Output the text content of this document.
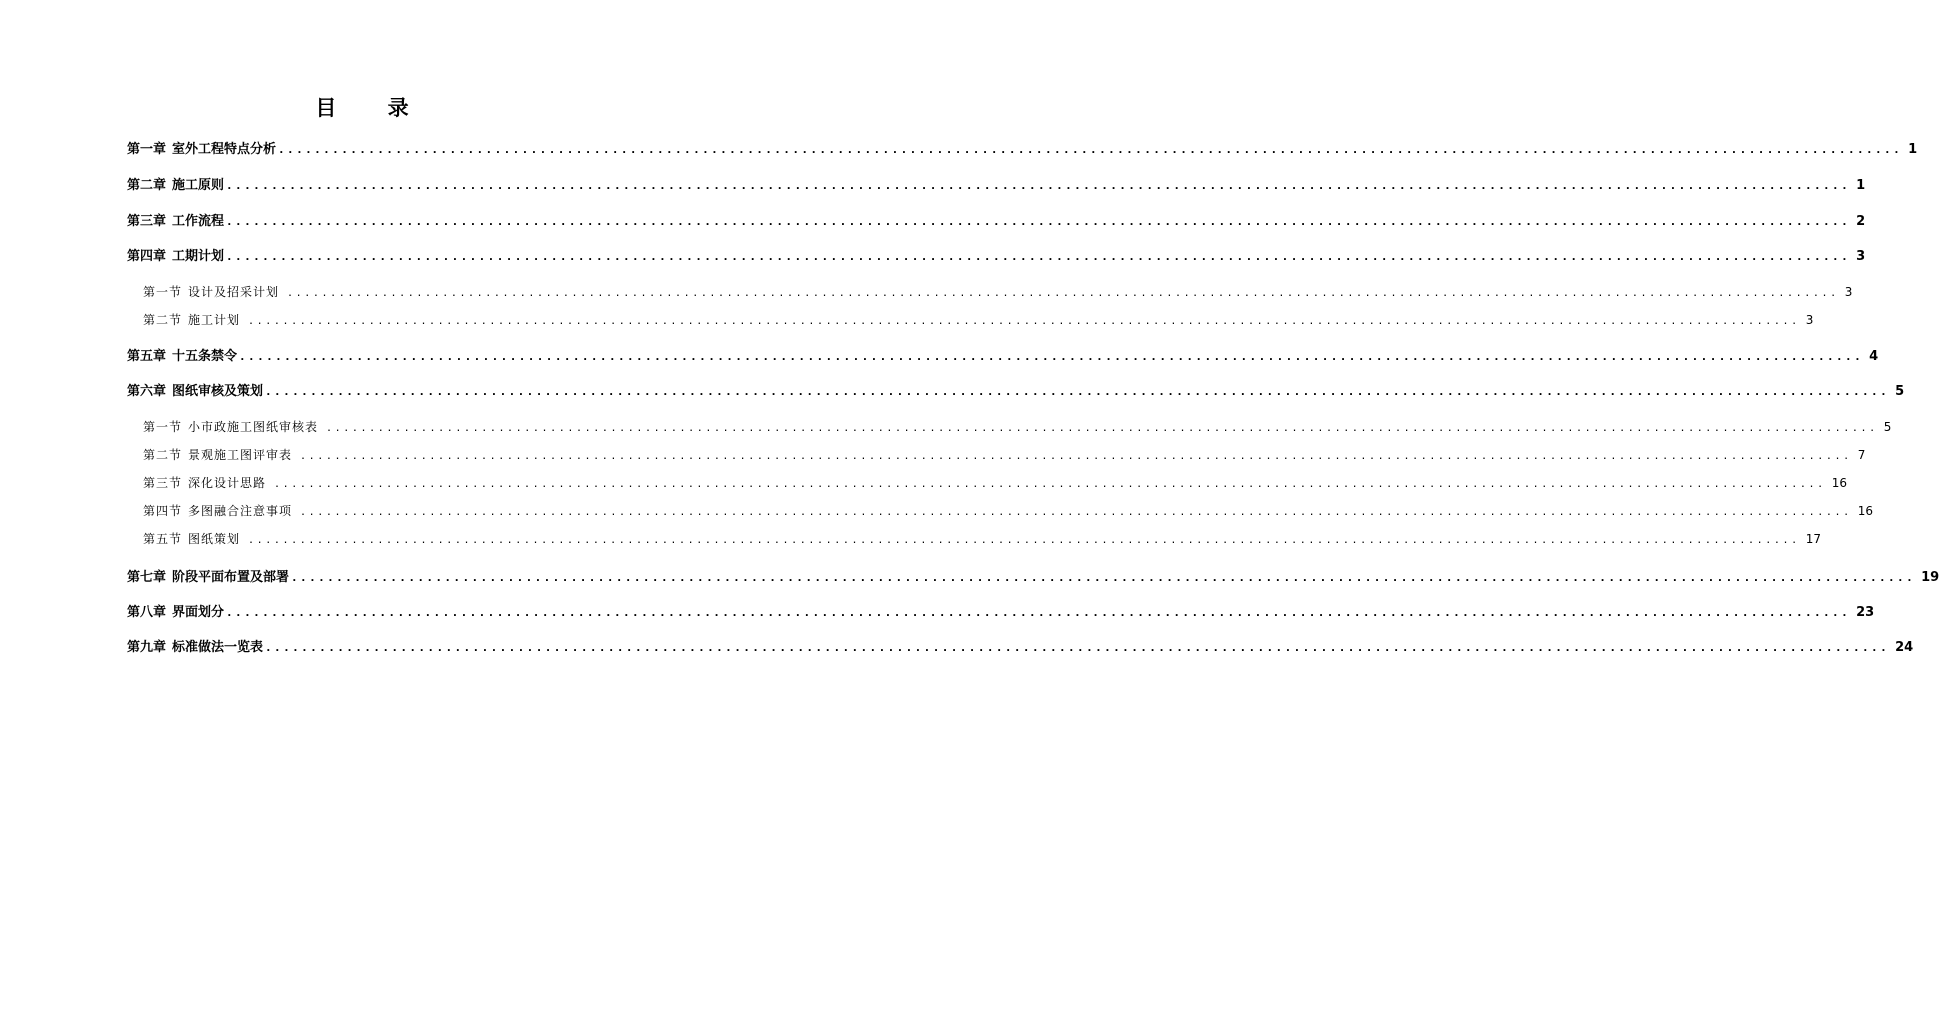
目 录
第一章 室外工程特点分析 .................................................................................................................................................................................... 1
第二章 施工原则 .................................................................................................................................................................................... 1
第三章 工作流程 .................................................................................................................................................................................... 2
第四章 工期计划 .................................................................................................................................................................................... 3
第一节 设计及招采计划 .................................................................................................................................................................................... 3
第二节 施工计划 .................................................................................................................................................................................... 3
第五章 十五条禁令 .................................................................................................................................................................................... 4
第六章 图纸审核及策划 .................................................................................................................................................................................... 5
第一节 小市政施工图纸审核表 .................................................................................................................................................................................... 5
第二节 景观施工图评审表 .................................................................................................................................................................................... 7
第三节 深化设计思路 .................................................................................................................................................................................... 16
第四节 多图融合注意事项 .................................................................................................................................................................................... 16
第五节 图纸策划 .................................................................................................................................................................................... 17
第七章 阶段平面布置及部署 .................................................................................................................................................................................... 19
第八章 界面划分 .................................................................................................................................................................................... 23
第九章 标准做法一览表 .................................................................................................................................................................................... 24
